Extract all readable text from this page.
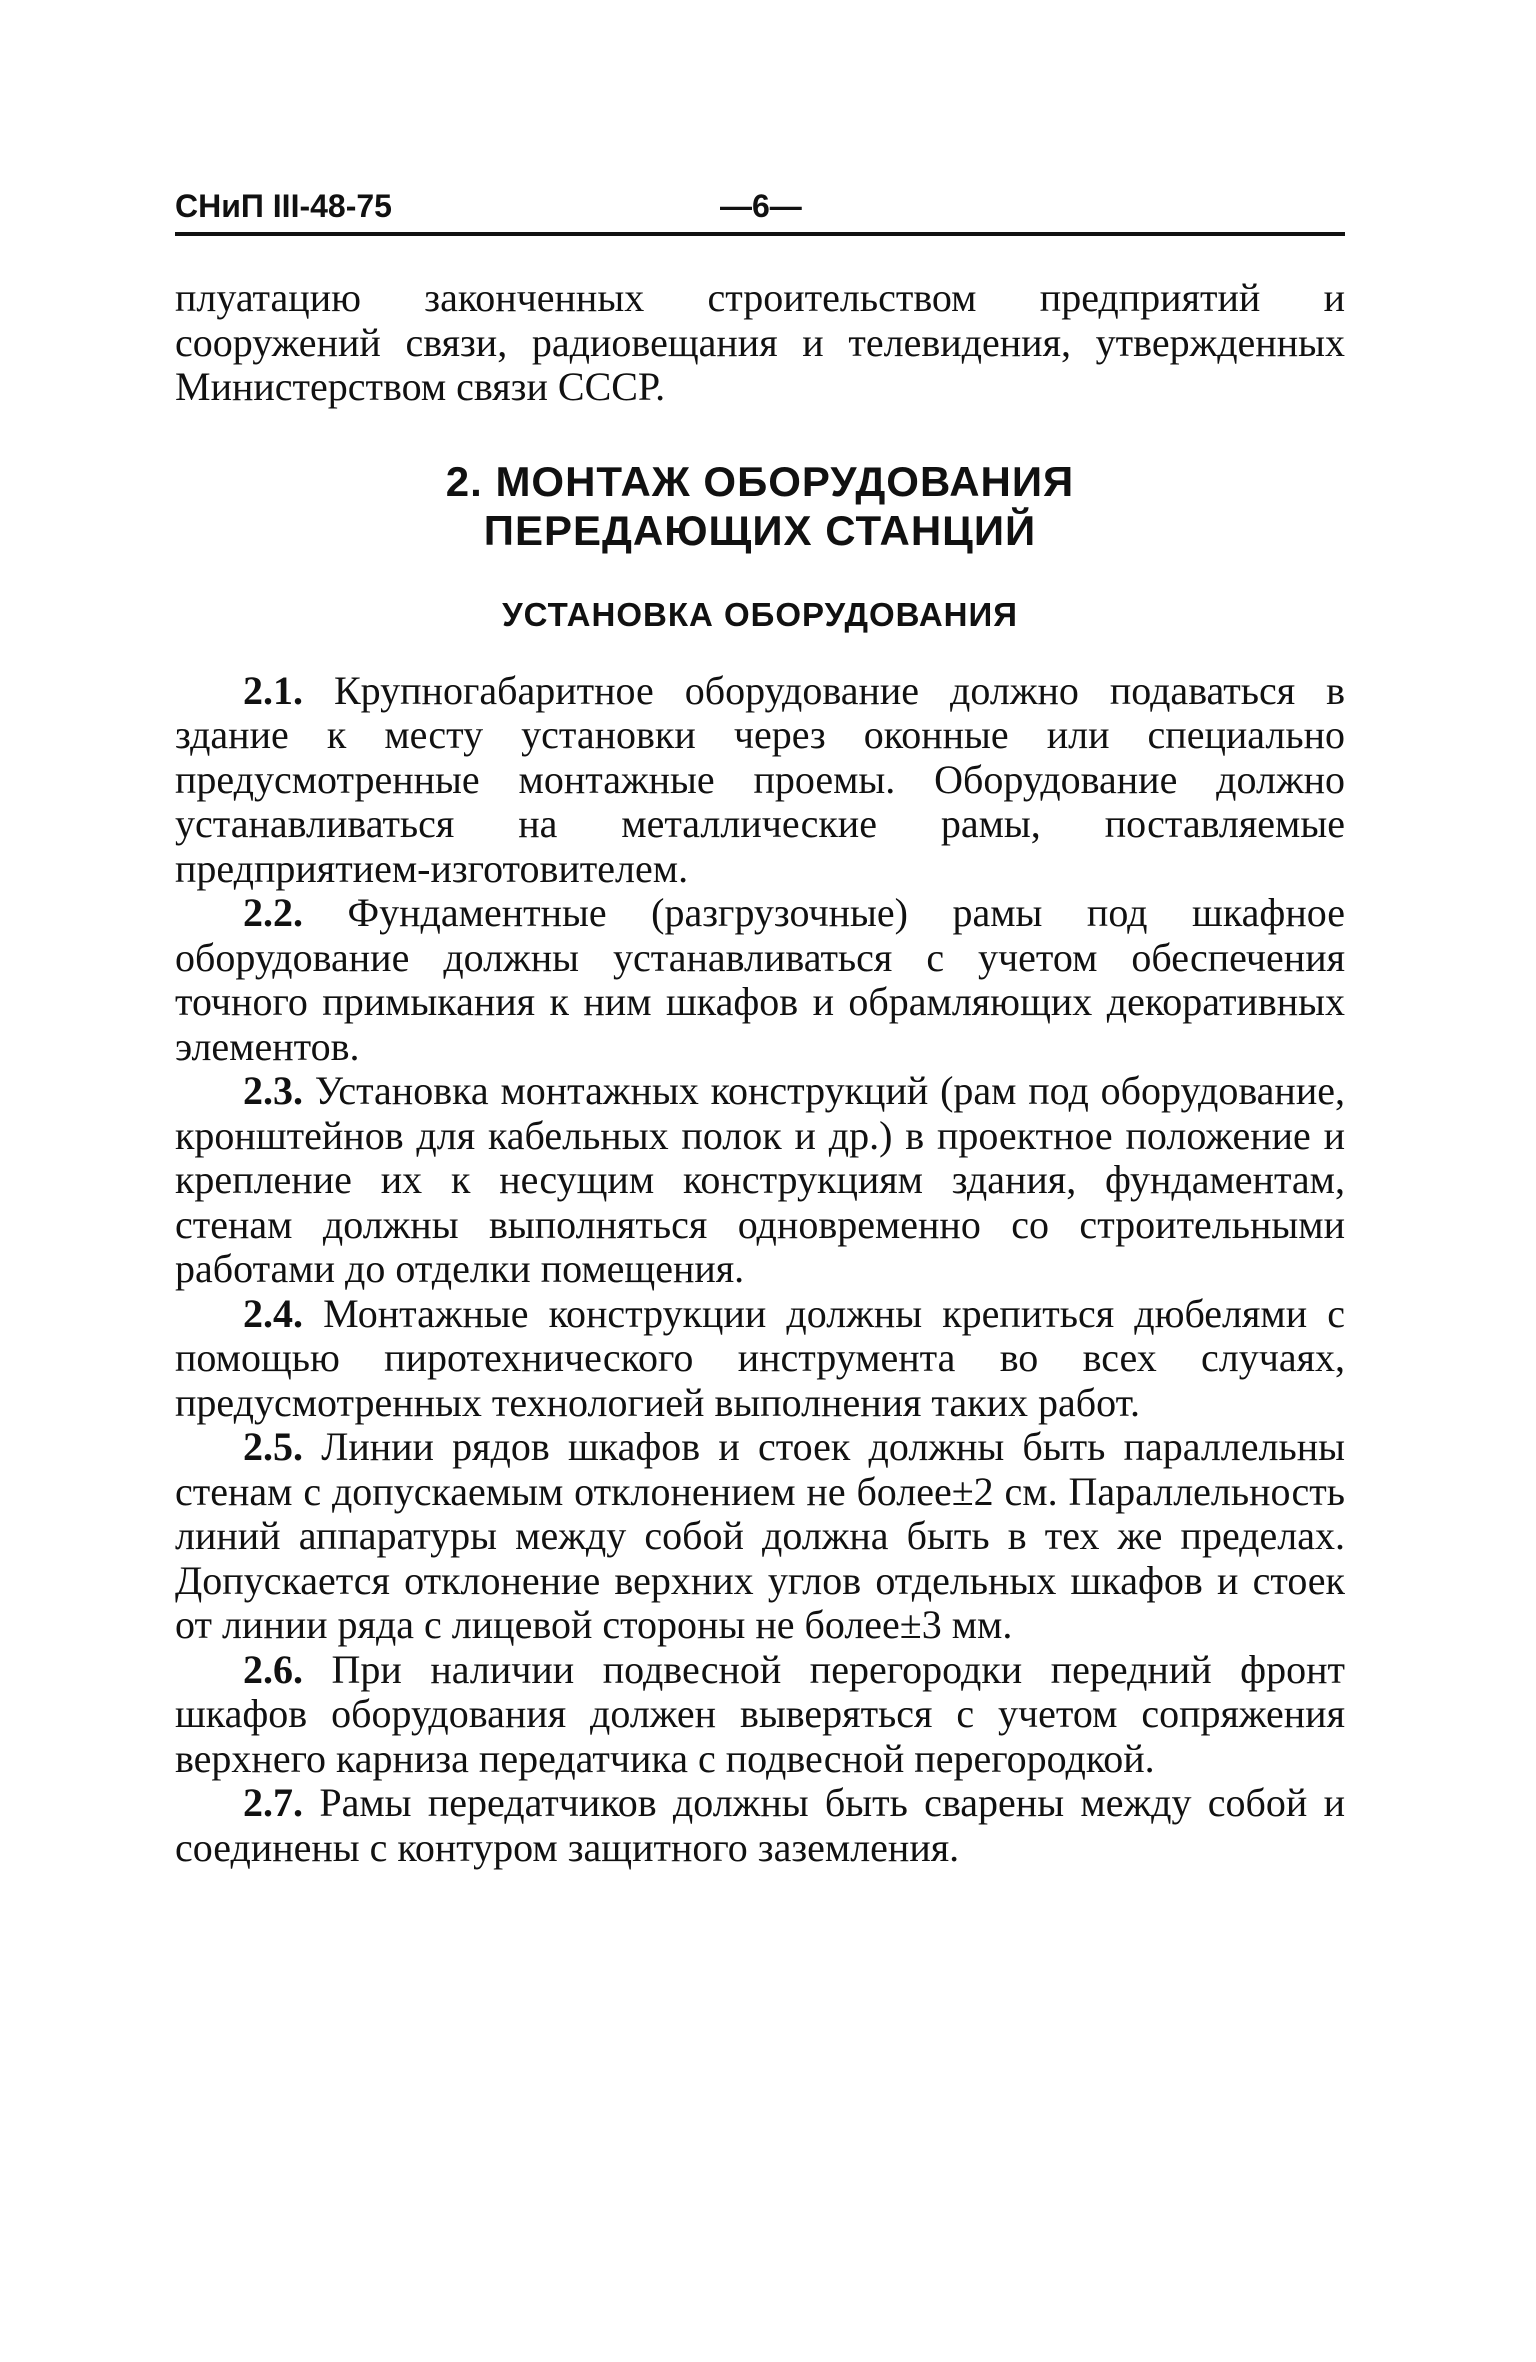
СНиП III-48-75	—6—

плуатацию законченных строительством предприятий и сооружений связи, радиовещания и телевидения, утвержденных Министерством связи СССР.

2. МОНТАЖ ОБОРУДОВАНИЯ
ПЕРЕДАЮЩИХ СТАНЦИЙ
УСТАНОВКА ОБОРУДОВАНИЯ

2.1. Крупногабаритное оборудование должно подаваться в здание к месту установки через оконные или специально предусмотренные монтажные проемы. Оборудование должно устанавливаться на металлические рамы, поставляемые предприятием-изготовителем.

2.2. Фундаментные (разгрузочные) рамы под шкафное оборудование должны устанавливаться с учетом обеспечения точного примыкания к ним шкафов и обрамляющих декоративных элементов.

2.3. Установка монтажных конструкций (рам под оборудование, кронштейнов для кабельных полок и др.) в проектное положение и крепление их к несущим конструкциям здания, фундаментам, стенам должны выполняться одновременно со строительными работами до отделки помещения.

2.4. Монтажные конструкции должны крепиться дюбелями с помощью пиротехнического инструмента во всех случаях, предусмотренных технологией выполнения таких работ.

2.5. Линии рядов шкафов и стоек должны быть параллельны стенам с допускаемым отклонением не более±2 см. Параллельность линий аппаратуры между собой должна быть в тех же пределах. Допускается отклонение верхних углов отдельных шкафов и стоек от линии ряда с лицевой стороны не более±3 мм.

2.6. При наличии подвесной перегородки передний фронт шкафов оборудования должен выверяться с учетом сопряжения верхнего карниза передатчика с подвесной перегородкой.

2.7. Рамы передатчиков должны быть сварены между собой и соединены с контуром защитного заземления.
